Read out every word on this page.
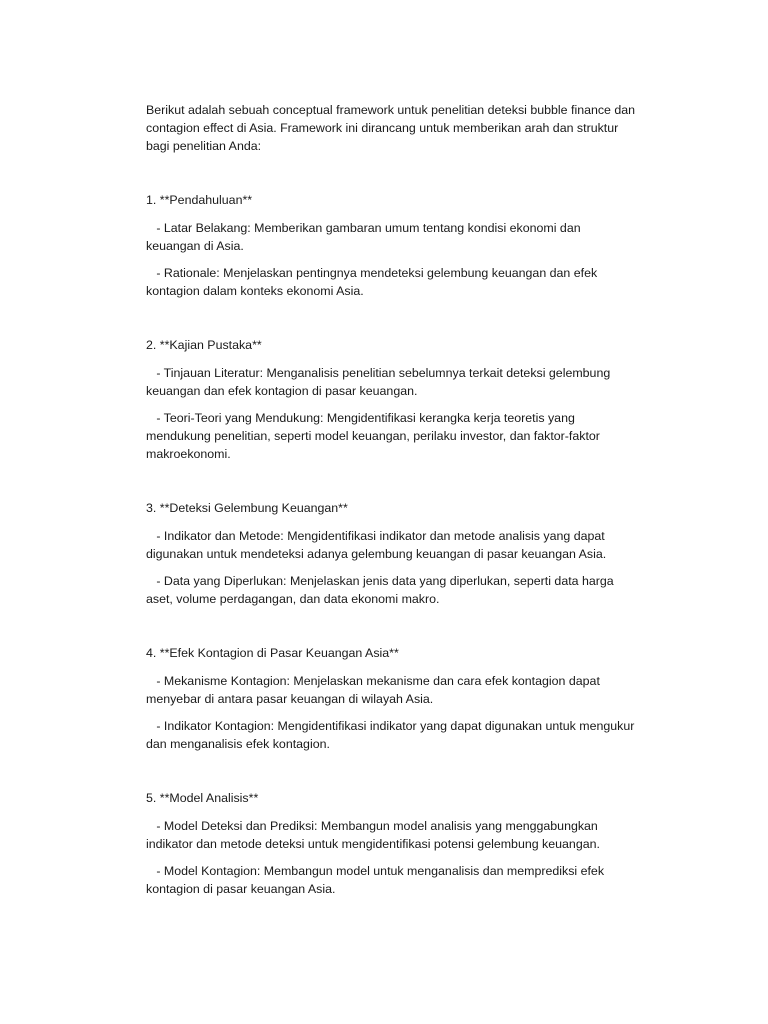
Berikut adalah sebuah conceptual framework untuk penelitian deteksi bubble finance dan contagion effect di Asia. Framework ini dirancang untuk memberikan arah dan struktur bagi penelitian Anda:

1. **Pendahuluan**

- Latar Belakang: Memberikan gambaran umum tentang kondisi ekonomi dan keuangan di Asia.

- Rationale: Menjelaskan pentingnya mendeteksi gelembung keuangan dan efek kontagion dalam konteks ekonomi Asia.

2. **Kajian Pustaka**

- Tinjauan Literatur: Menganalisis penelitian sebelumnya terkait deteksi gelembung keuangan dan efek kontagion di pasar keuangan.

- Teori-Teori yang Mendukung: Mengidentifikasi kerangka kerja teoretis yang mendukung penelitian, seperti model keuangan, perilaku investor, dan faktor-faktor makroekonomi.

3. **Deteksi Gelembung Keuangan**

- Indikator dan Metode: Mengidentifikasi indikator dan metode analisis yang dapat digunakan untuk mendeteksi adanya gelembung keuangan di pasar keuangan Asia.

- Data yang Diperlukan: Menjelaskan jenis data yang diperlukan, seperti data harga aset, volume perdagangan, dan data ekonomi makro.

4. **Efek Kontagion di Pasar Keuangan Asia**

- Mekanisme Kontagion: Menjelaskan mekanisme dan cara efek kontagion dapat menyebar di antara pasar keuangan di wilayah Asia.

- Indikator Kontagion: Mengidentifikasi indikator yang dapat digunakan untuk mengukur dan menganalisis efek kontagion.

5. **Model Analisis**

- Model Deteksi dan Prediksi: Membangun model analisis yang menggabungkan indikator dan metode deteksi untuk mengidentifikasi potensi gelembung keuangan.

- Model Kontagion: Membangun model untuk menganalisis dan memprediksi efek kontagion di pasar keuangan Asia.
